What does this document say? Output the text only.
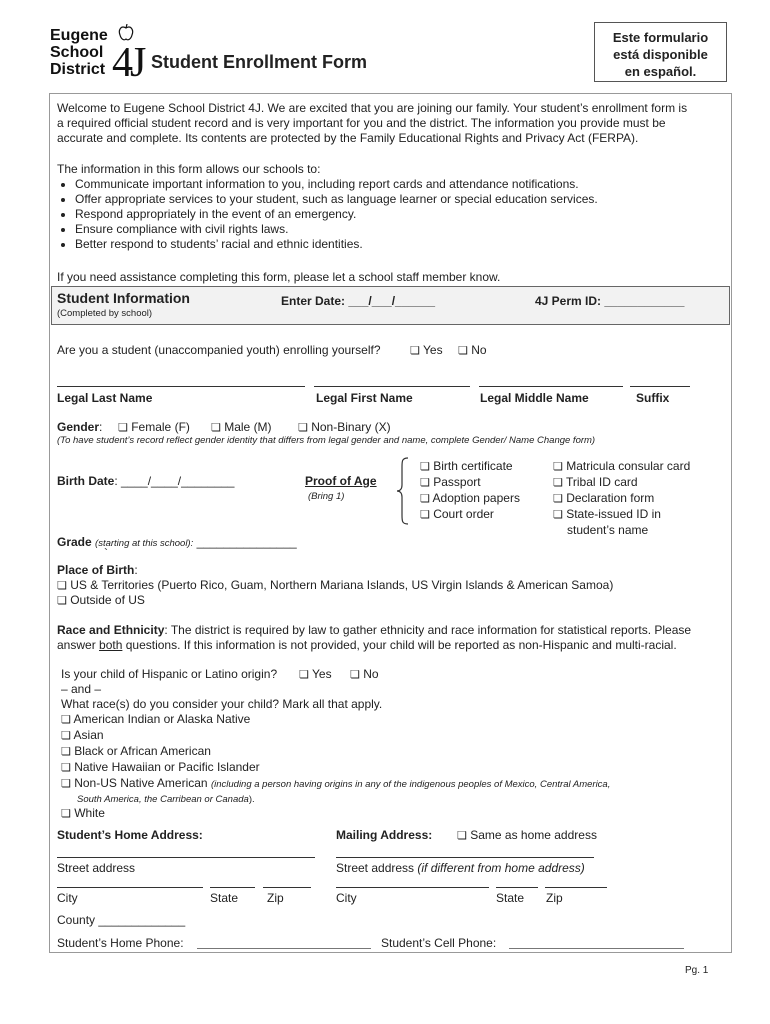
Eugene
School
District 4J Student Enrollment Form
Este formulario
está disponible
en español.
Welcome to Eugene School District 4J. We are excited that you are joining our family. Your student’s enrollment form is
a required official student record and is very important for you and the district. The information you provide must be
accurate and complete. Its contents are protected by the Family Educational Rights and Privacy Act (FERPA).
The information in this form allows our schools to:
• Communicate important information to you, including report cards and attendance notifications.
• Offer appropriate services to your student, such as language learner or special education services.
• Respond appropriately in the event of an emergency.
• Ensure compliance with civil rights laws.
• Better respond to students’ racial and ethnic identities.
If you need assistance completing this form, please let a school staff member know.
Student Information
(Completed by school)
Enter Date: ___/___/______	4J Perm ID: ____________
Are you a student (unaccompanied youth) enrolling yourself?	❏ Yes ❏ No
Legal Last Name	Legal First Name	Legal Middle Name	Suffix
Gender: ❏ Female (F) ❏ Male (M) ❏ Non-Binary (X)
(To have student’s record reflect gender identity that differs from legal gender and name, complete Gender/ Name Change form)
Birth Date: ____/____/________	Proof of Age
(Bring 1)
❏ Birth certificate
❏ Passport
❏ Adoption papers
❏ Court order
❏ Matricula consular card
❏ Tribal ID card
❏ Declaration form
❏ State-issued ID in
student’s name
Grade (starting at this school): _______________
`
Place of Birth:
❏ US & Territories (Puerto Rico, Guam, Northern Mariana Islands, US Virgin Islands & American Samoa)
❏ Outside of US
Race and Ethnicity: The district is required by law to gather ethnicity and race information for statistical reports. Please
answer both questions. If this information is not provided, your child will be reported as non-Hispanic and multi-racial.
Is your child of Hispanic or Latino origin? ❏ Yes ❏ No
– and –
What race(s) do you consider your child? Mark all that apply.
❏ American Indian or Alaska Native
❏ Asian
❏ Black or African American
❏ Native Hawaiian or Pacific Islander
❏ Non-US Native American (including a person having origins in any of the indigenous peoples of Mexico, Central America,
South America, the Carribean or Canada).
❏ White
Student’s Home Address:	Mailing Address: ❏ Same as home address
Street address	Street address (if different from home address)
City	State Zip	City	State Zip
County _____________
Student’s Home Phone:	Student’s Cell Phone:
Pg. 1
